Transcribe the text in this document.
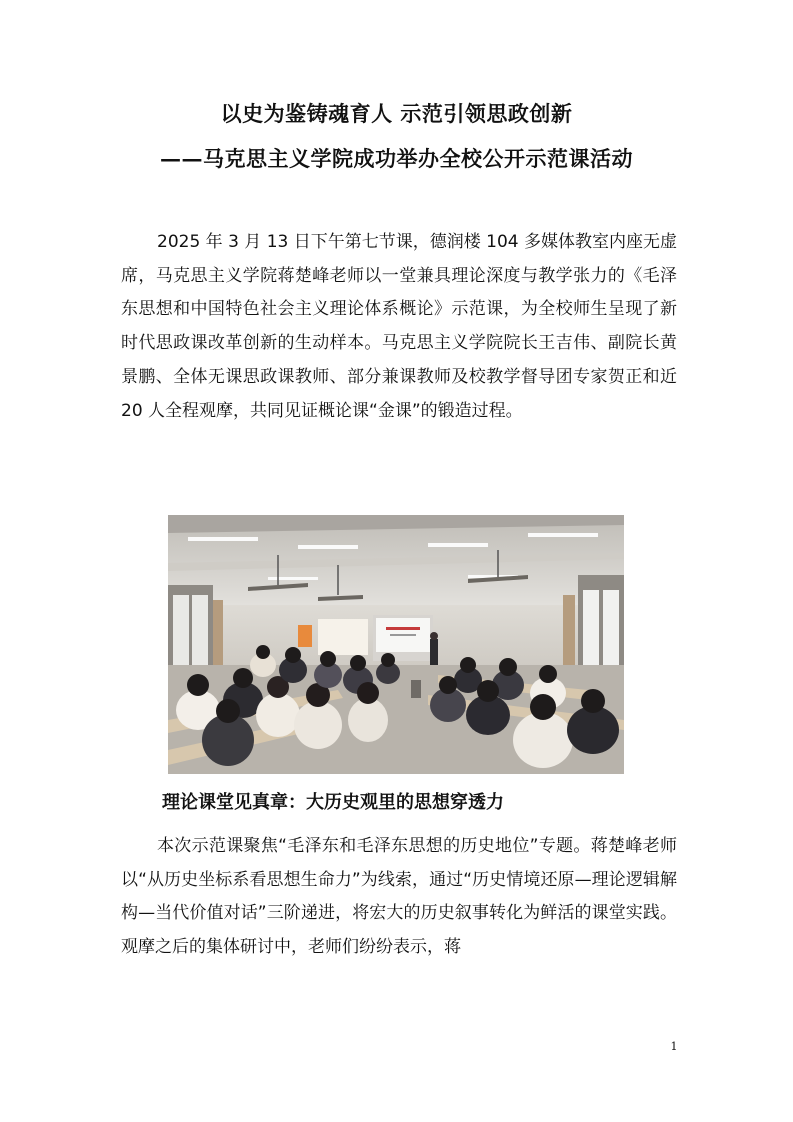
以史为鉴铸魂育人 示范引领思政创新
——马克思主义学院成功举办全校公开示范课活动

2025 年 3 月 13 日下午第七节课，德润楼 104 多媒体教室内座无虚席，马克思主义学院蒋楚峰老师以一堂兼具理论深度与教学张力的《毛泽东思想和中国特色社会主义理论体系概论》示范课，为全校师生呈现了新时代思政课改革创新的生动样本。马克思主义学院院长王吉伟、副院长黄景鹏、全体无课思政课教师、部分兼课教师及校教学督导团专家贺正和近 20 人全程观摩，共同见证概论课“金课”的锻造过程。

理论课堂见真章：大历史观里的思想穿透力

本次示范课聚焦“毛泽东和毛泽东思想的历史地位”专题。蒋楚峰老师以“从历史坐标系看思想生命力”为线索，通过“历史情境还原—理论逻辑解构—当代价值对话”三阶递进，将宏大的历史叙事转化为鲜活的课堂实践。观摩之后的集体研讨中，老师们纷纷表示，蒋

1
